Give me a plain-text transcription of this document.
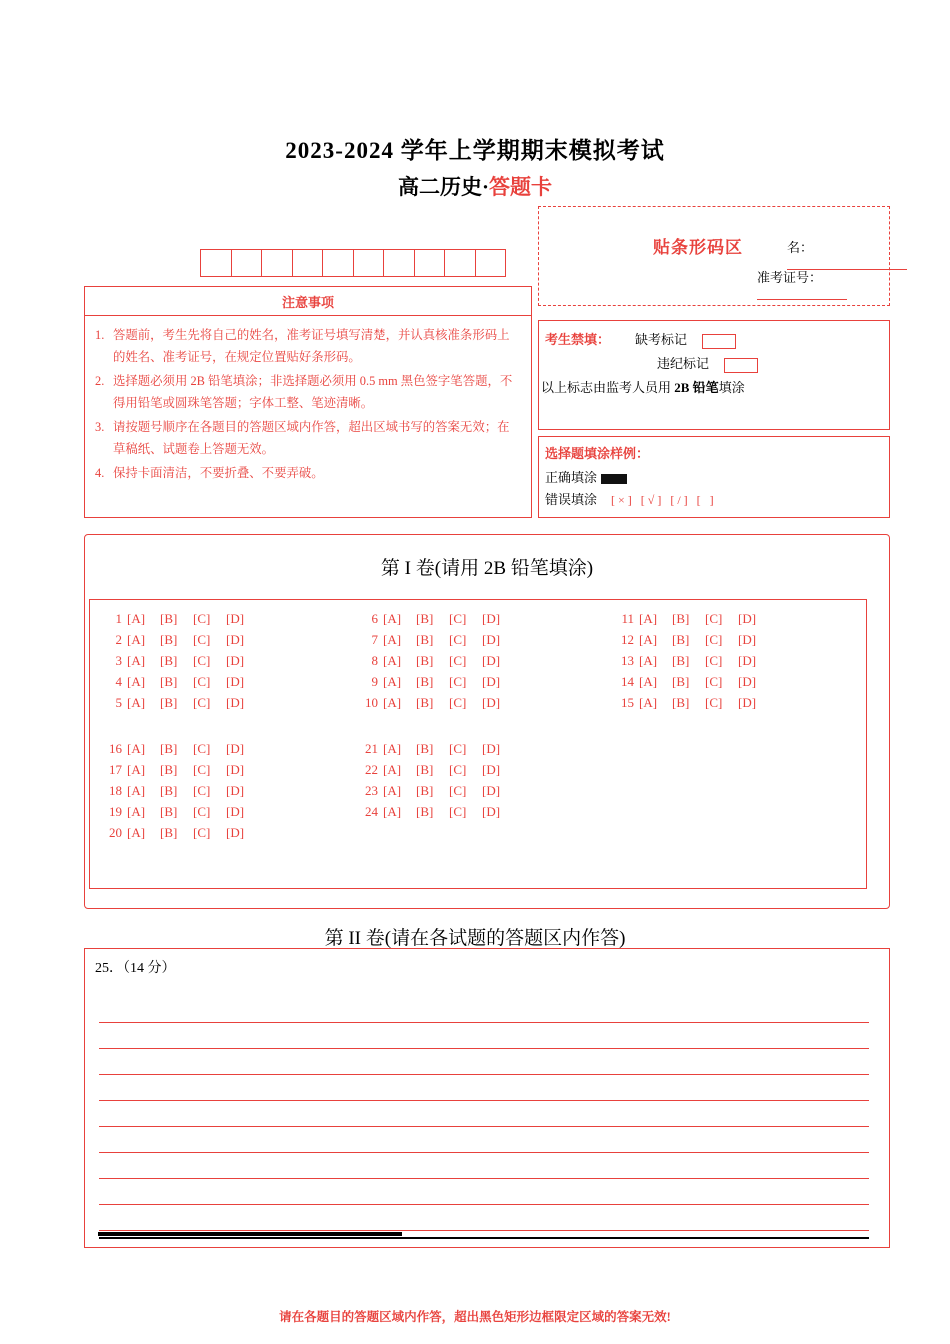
2023-2024 学年上学期期末模拟考试
高二历史·答题卡
注意事项
1. 答题前，考生先将自己的姓名，准考证号填写清楚，并认真核准条形码上的姓名、准考证号，在规定位置贴好条形码。
2. 选择题必须用 2B 铅笔填涂；非选择题必须用 0.5 mm 黑色签字笔答题，不得用铅笔或圆珠笔答题；字体工整、笔迹清晰。
3. 请按题号顺序在各题目的答题区域内作答，超出区域书写的答案无效；在草稿纸、试题卷上答题无效。
4. 保持卡面清洁，不要折叠、不要弄破。
贴条形码区	名：
准考证号：
考生禁填： 缺考标记
违纪标记
以上标志由监考人员用 2B 铅笔填涂
选择题填涂样例：
正确填涂
错误填涂 [×] [√] [/] [ ]
第 I 卷(请用 2B 铅笔填涂)
1 [A] [B] [C] [D]
2 [A] [B] [C] [D]
3 [A] [B] [C] [D]
4 [A] [B] [C] [D]
5 [A] [B] [C] [D]
6 [A] [B] [C] [D]
7 [A] [B] [C] [D]
8 [A] [B] [C] [D]
9 [A] [B] [C] [D]
10 [A] [B] [C] [D]
11 [A] [B] [C] [D]
12 [A] [B] [C] [D]
13 [A] [B] [C] [D]
14 [A] [B] [C] [D]
15 [A] [B] [C] [D]
16 [A] [B] [C] [D]
17 [A] [B] [C] [D]
18 [A] [B] [C] [D]
19 [A] [B] [C] [D]
20 [A] [B] [C] [D]
21 [A] [B] [C] [D]
22 [A] [B] [C] [D]
23 [A] [B] [C] [D]
24 [A] [B] [C] [D]
第 II 卷(请在各试题的答题区内作答)
25．（14 分）
请在各题目的答题区域内作答，超出黑色矩形边框限定区域的答案无效!
